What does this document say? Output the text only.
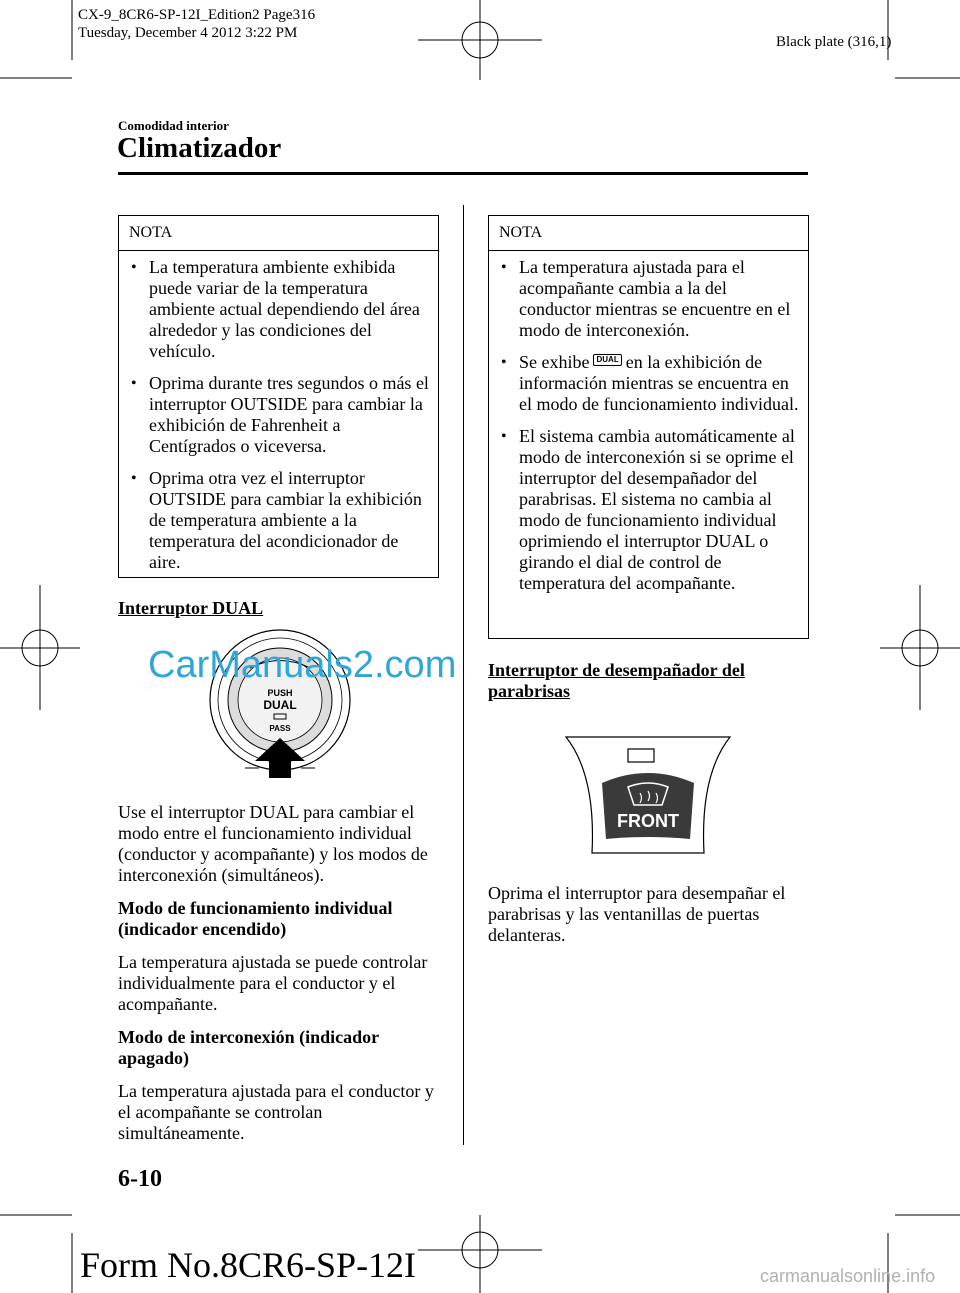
CX-9_8CR6-SP-12I_Edition2 Page316
Tuesday, December 4 2012 3:22 PM
Black plate (316,1)
Comodidad interior
Climatizador
NOTA
• La temperatura ambiente exhibida puede variar de la temperatura ambiente actual dependiendo del área alrededor y las condiciones del vehículo.
• Oprima durante tres segundos o más el interruptor OUTSIDE para cambiar la exhibición de Fahrenheit a Centígrados o viceversa.
• Oprima otra vez el interruptor OUTSIDE para cambiar la exhibición de temperatura ambiente a la temperatura del acondicionador de aire.
Interruptor DUAL
PUSH
DUAL
PASS

Use el interruptor DUAL para cambiar el modo entre el funcionamiento individual (conductor y acompañante) y los modos de interconexión (simultáneos).

Modo de funcionamiento individual (indicador encendido)

La temperatura ajustada se puede controlar individualmente para el conductor y el acompañante.

Modo de interconexión (indicador apagado)

La temperatura ajustada para el conductor y el acompañante se controlan simultáneamente.

NOTA
• La temperatura ajustada para el acompañante cambia a la del conductor mientras se encuentre en el modo de interconexión.
• Se exhibe DUAL en la exhibición de información mientras se encuentra en el modo de funcionamiento individual.
• El sistema cambia automáticamente al modo de interconexión si se oprime el interruptor del desempañador del parabrisas. El sistema no cambia al modo de funcionamiento individual oprimiendo el interruptor DUAL o girando el dial de control de temperatura del acompañante.
Interruptor de desempañador del parabrisas
FRONT

Oprima el interruptor para desempañar el parabrisas y las ventanillas de puertas delanteras.

CarManuals2.com
carmanualsonline.info
6-10
Form No.8CR6-SP-12I
